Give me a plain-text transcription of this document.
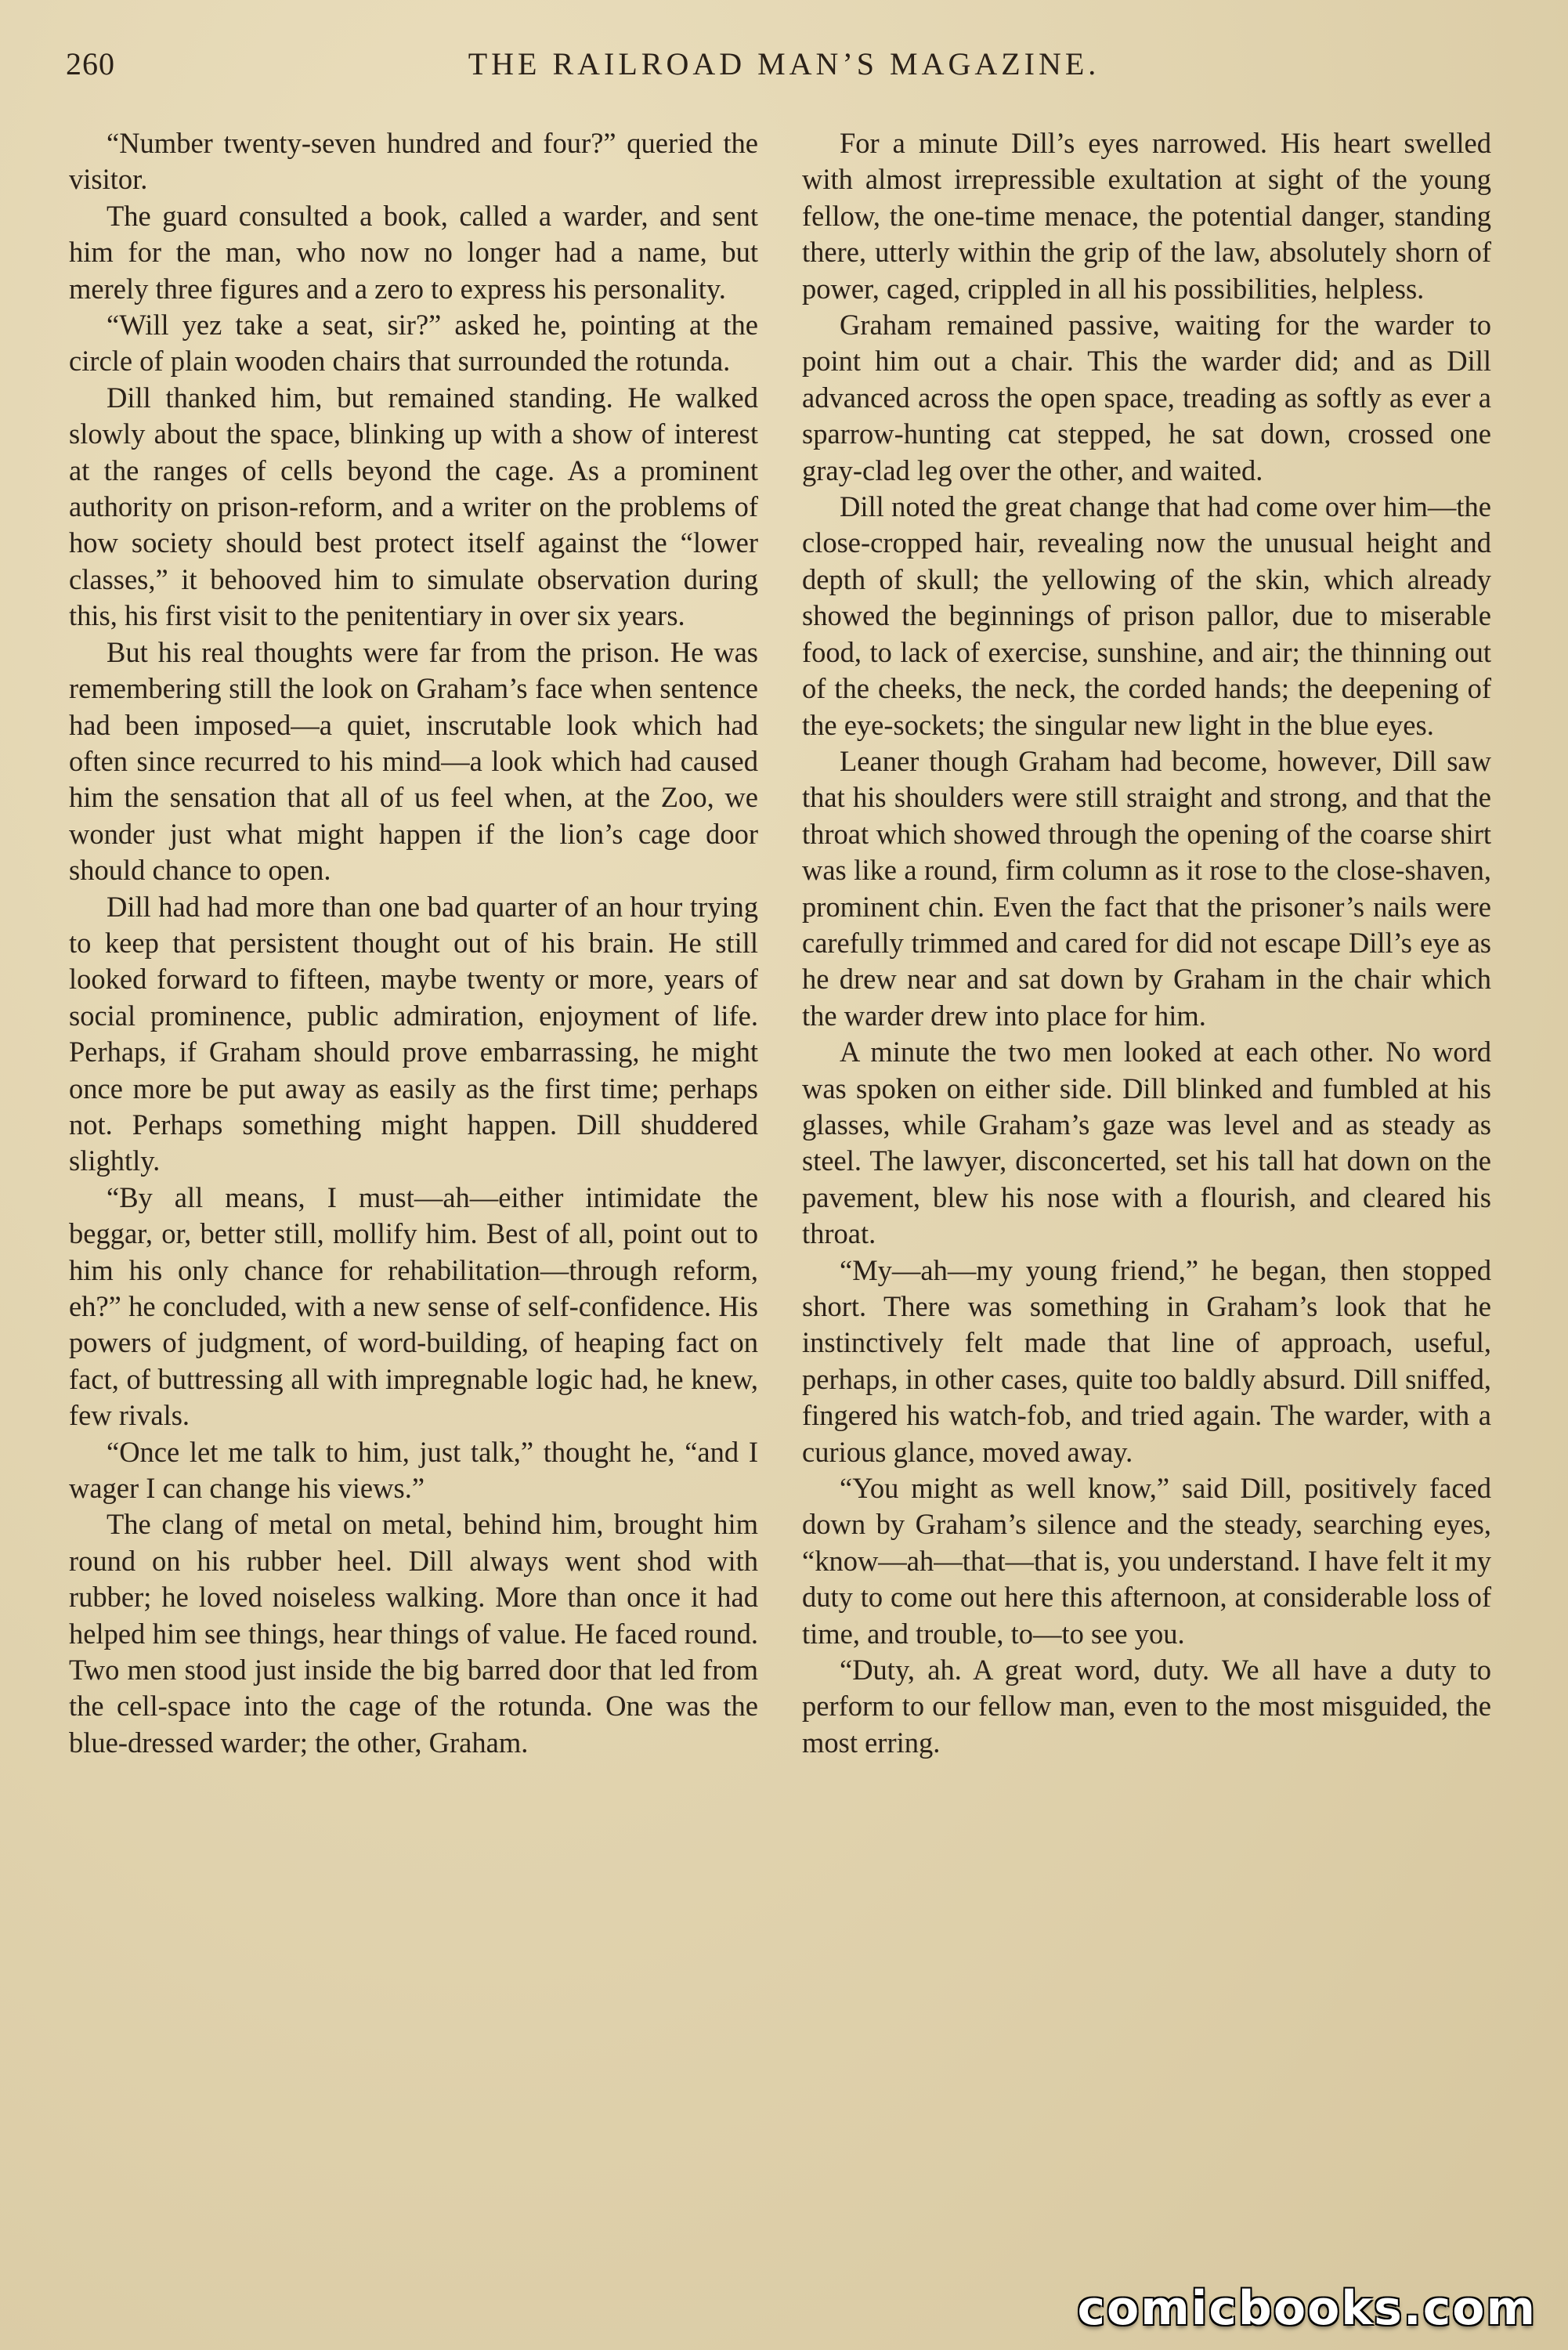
260	THE RAILROAD MAN’S MAGAZINE.

“Number twenty-seven hundred and four?” queried the visitor.

The guard consulted a book, called a warder, and sent him for the man, who now no longer had a name, but merely three figures and a zero to express his personality.

“Will yez take a seat, sir?” asked he, pointing at the circle of plain wooden chairs that surrounded the rotunda.

Dill thanked him, but remained standing. He walked slowly about the space, blinking up with a show of interest at the ranges of cells beyond the cage. As a prominent authority on prison-reform, and a writer on the problems of how society should best protect itself against the “lower classes,” it behooved him to simulate observation during this, his first visit to the penitentiary in over six years.

But his real thoughts were far from the prison. He was remembering still the look on Graham’s face when sentence had been imposed—a quiet, inscrutable look which had often since recurred to his mind—a look which had caused him the sensation that all of us feel when, at the Zoo, we wonder just what might happen if the lion’s cage door should chance to open.

Dill had had more than one bad quarter of an hour trying to keep that persistent thought out of his brain. He still looked forward to fifteen, maybe twenty or more, years of social prominence, public admiration, enjoyment of life. Perhaps, if Graham should prove embarrassing, he might once more be put away as easily as the first time; perhaps not. Perhaps something might happen. Dill shuddered slightly.

“By all means, I must—ah—either intimidate the beggar, or, better still, mollify him. Best of all, point out to him his only chance for rehabilitation—through reform, eh?” he concluded, with a new sense of self-confidence. His powers of judgment, of word-building, of heaping fact on fact, of buttressing all with impregnable logic had, he knew, few rivals.

“Once let me talk to him, just talk,” thought he, “and I wager I can change his views.”

The clang of metal on metal, behind him, brought him round on his rubber heel. Dill always went shod with rubber; he loved noiseless walking. More than once it had helped him see things, hear things of value. He faced round. Two men stood just inside the big barred door that led from the cell-space into the cage of the rotunda. One was the blue-dressed warder; the other, Graham.

For a minute Dill’s eyes narrowed. His heart swelled with almost irrepressible exultation at sight of the young fellow, the one-time menace, the potential danger, standing there, utterly within the grip of the law, absolutely shorn of power, caged, crippled in all his possibilities, helpless.

Graham remained passive, waiting for the warder to point him out a chair. This the warder did; and as Dill advanced across the open space, treading as softly as ever a sparrow-hunting cat stepped, he sat down, crossed one gray-clad leg over the other, and waited.

Dill noted the great change that had come over him—the close-cropped hair, revealing now the unusual height and depth of skull; the yellowing of the skin, which already showed the beginnings of prison pallor, due to miserable food, to lack of exercise, sunshine, and air; the thinning out of the cheeks, the neck, the corded hands; the deepening of the eye-sockets; the singular new light in the blue eyes.

Leaner though Graham had become, however, Dill saw that his shoulders were still straight and strong, and that the throat which showed through the opening of the coarse shirt was like a round, firm column as it rose to the close-shaven, prominent chin. Even the fact that the prisoner’s nails were carefully trimmed and cared for did not escape Dill’s eye as he drew near and sat down by Graham in the chair which the warder drew into place for him.

A minute the two men looked at each other. No word was spoken on either side. Dill blinked and fumbled at his glasses, while Graham’s gaze was level and as steady as steel. The lawyer, disconcerted, set his tall hat down on the pavement, blew his nose with a flourish, and cleared his throat.

“My—ah—my young friend,” he began, then stopped short. There was something in Graham’s look that he instinctively felt made that line of approach, useful, perhaps, in other cases, quite too baldly absurd. Dill sniffed, fingered his watch-fob, and tried again. The warder, with a curious glance, moved away.

“You might as well know,” said Dill, positively faced down by Graham’s silence and the steady, searching eyes, “know—ah—that—that is, you understand. I have felt it my duty to come out here this afternoon, at considerable loss of time, and trouble, to—to see you.

“Duty, ah. A great word, duty. We all have a duty to perform to our fellow man, even to the most misguided, the most erring.

comicbooks.com
